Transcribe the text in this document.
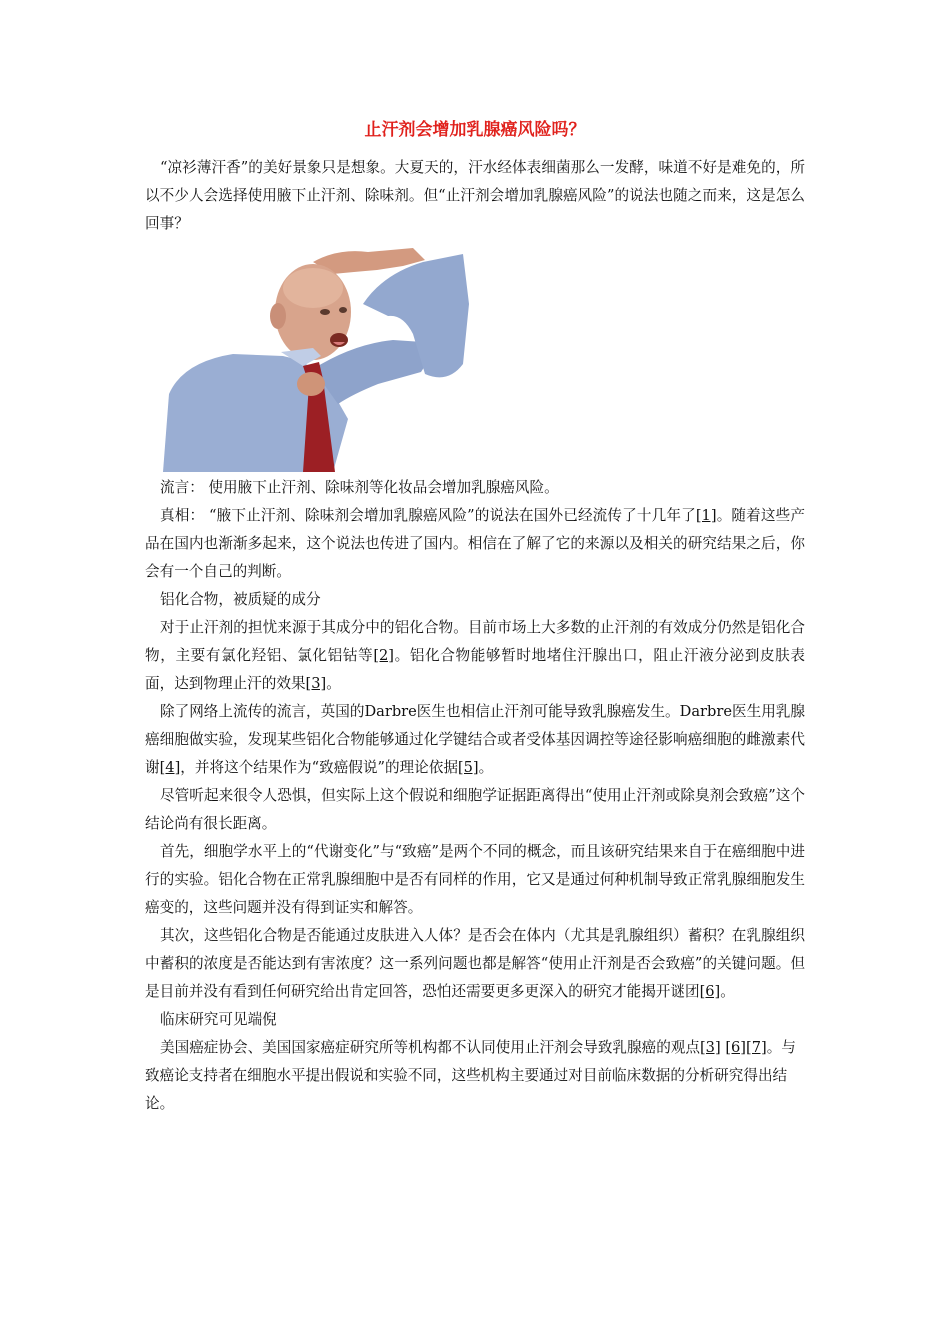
止汗剂会增加乳腺癌风险吗？

“凉衫薄汗香”的美好景象只是想象。大夏天的，汗水经体表细菌那么一发酵，味道不好是难免的，所以不少人会选择使用腋下止汗剂、除味剂。但“止汗剂会增加乳腺癌风险”的说法也随之而来，这是怎么回事？

流言： 使用腋下止汗剂、除味剂等化妆品会增加乳腺癌风险。

真相： “腋下止汗剂、除味剂会增加乳腺癌风险”的说法在国外已经流传了十几年了[1]。随着这些产品在国内也渐渐多起来，这个说法也传进了国内。相信在了解了它的来源以及相关的研究结果之后，你会有一个自己的判断。

铝化合物，被质疑的成分

对于止汗剂的担忧来源于其成分中的铝化合物。目前市场上大多数的止汗剂的有效成分仍然是铝化合物，主要有氯化羟铝、氯化铝钴等[2]。铝化合物能够暂时地堵住汗腺出口，阻止汗液分泌到皮肤表面，达到物理止汗的效果[3]。

除了网络上流传的流言，英国的Darbre医生也相信止汗剂可能导致乳腺癌发生。Darbre医生用乳腺癌细胞做实验，发现某些铝化合物能够通过化学键结合或者受体基因调控等途径影响癌细胞的雌激素代谢[4]，并将这个结果作为“致癌假说”的理论依据[5]。

尽管听起来很令人恐惧，但实际上这个假说和细胞学证据距离得出“使用止汗剂或除臭剂会致癌”这个结论尚有很长距离。

首先，细胞学水平上的“代谢变化”与“致癌”是两个不同的概念，而且该研究结果来自于在癌细胞中进行的实验。铝化合物在正常乳腺细胞中是否有同样的作用，它又是通过何种机制导致正常乳腺细胞发生癌变的，这些问题并没有得到证实和解答。

其次，这些铝化合物是否能通过皮肤进入人体？是否会在体内（尤其是乳腺组织）蓄积？在乳腺组织中蓄积的浓度是否能达到有害浓度？这一系列问题也都是解答“使用止汗剂是否会致癌”的关键问题。但是目前并没有看到任何研究给出肯定回答，恐怕还需要更多更深入的研究才能揭开谜团[6]。

临床研究可见端倪

美国癌症协会、美国国家癌症研究所等机构都不认同使用止汗剂会导致乳腺癌的观点[3] [6][7]。与致癌论支持者在细胞水平提出假说和实验不同，这些机构主要通过对目前临床数据的分析研究得出结论。
